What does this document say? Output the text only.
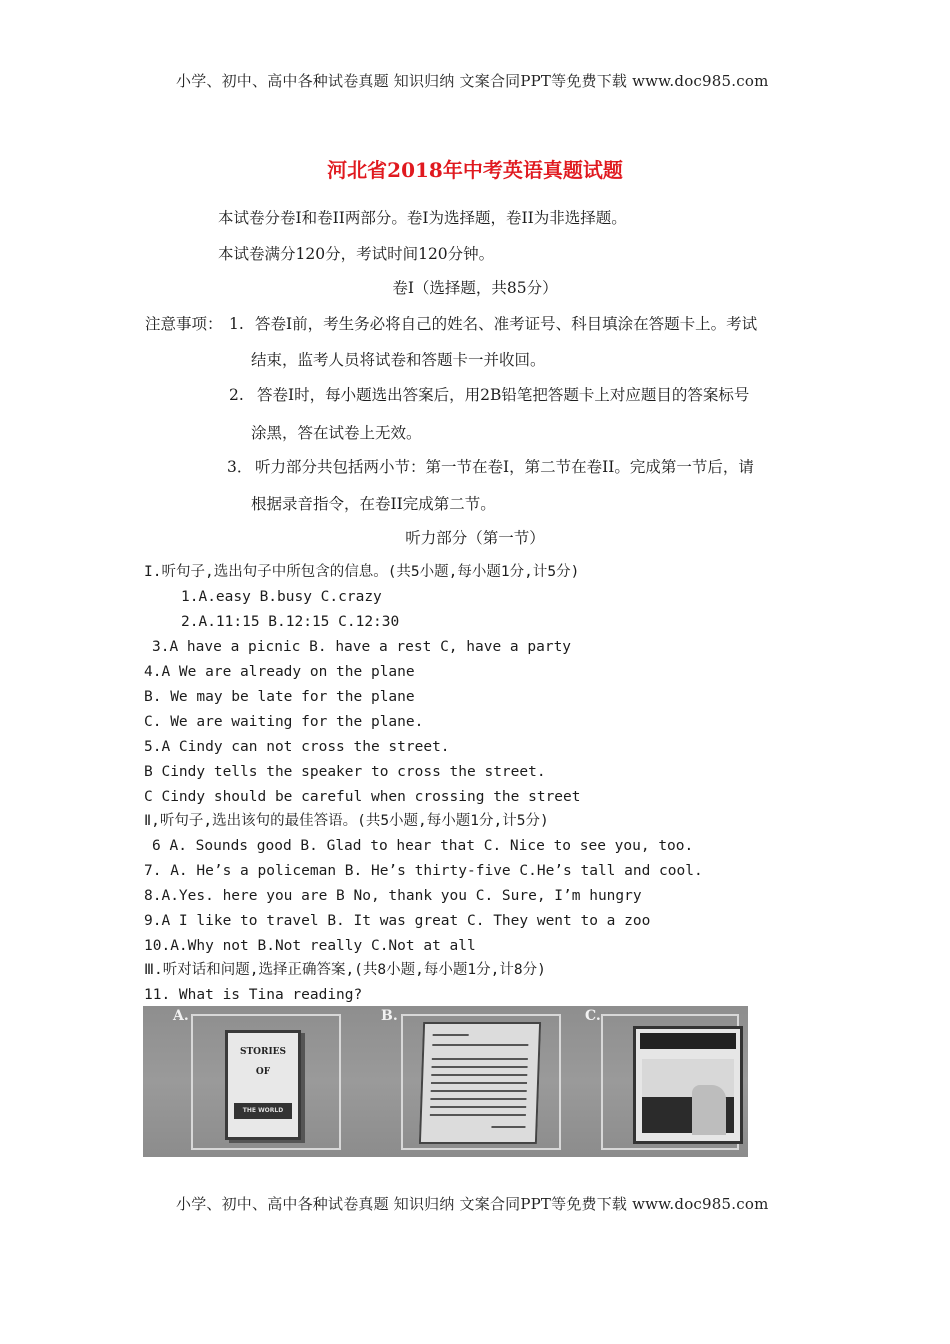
小学、初中、高中各种试卷真题 知识归纳 文案合同PPT等免费下载 www.doc985.com
河北省2018年中考英语真题试题
本试卷分卷I和卷II两部分。卷I为选择题，卷II为非选择题。
本试卷满分120分，考试时间120分钟。
卷I（选择题，共85分）
注意事项： 1. 答卷I前，考生务必将自己的姓名、准考证号、科目填涂在答题卡上。考试
结束，监考人员将试卷和答题卡一并收回。
2. 答卷I时，每小题选出答案后，用2B铅笔把答题卡上对应题目的答案标号
涂黑，答在试卷上无效。
3． 听力部分共包括两小节：第一节在卷I，第二节在卷II。完成第一节后，请
根据录音指令，在卷II完成第二节。
听力部分（第一节）
I.听句子,选出句子中所包含的信息。(共5小题,每小题1分,计5分)
1.A.easy B.busy C.crazy
2.A.11:15 B.12:15 C.12:30
3.A have a picnic B. have a rest C, have a party
4.A We are already on the plane
B. We may be late for the plane
C. We are waiting for the plane.
5.A Cindy can not cross the street.
B Cindy tells the speaker to cross the street.
C Cindy should be careful when crossing the street
Ⅱ,听句子,选出该句的最佳答语。(共5小题,每小题1分,计5分)
6 A. Sounds good B. Glad to hear that C. Nice to see you, too.
7. A. He’s a policeman B. He’s thirty-five C.He’s tall and cool.
8.A.Yes. here you are B No, thank you C. Sure, I’m hungry
9.A I like to travel B. It was great C. They went to a zoo
10.A.Why not B.Not really C.Not at all
Ⅲ.听对话和问题,选择正确答案,(共8小题,每小题1分,计8分)
11. What is Tina reading?
A.
STORIES
OF
THE WORLD
B.	C.
小学、初中、高中各种试卷真题 知识归纳 文案合同PPT等免费下载 www.doc985.com
